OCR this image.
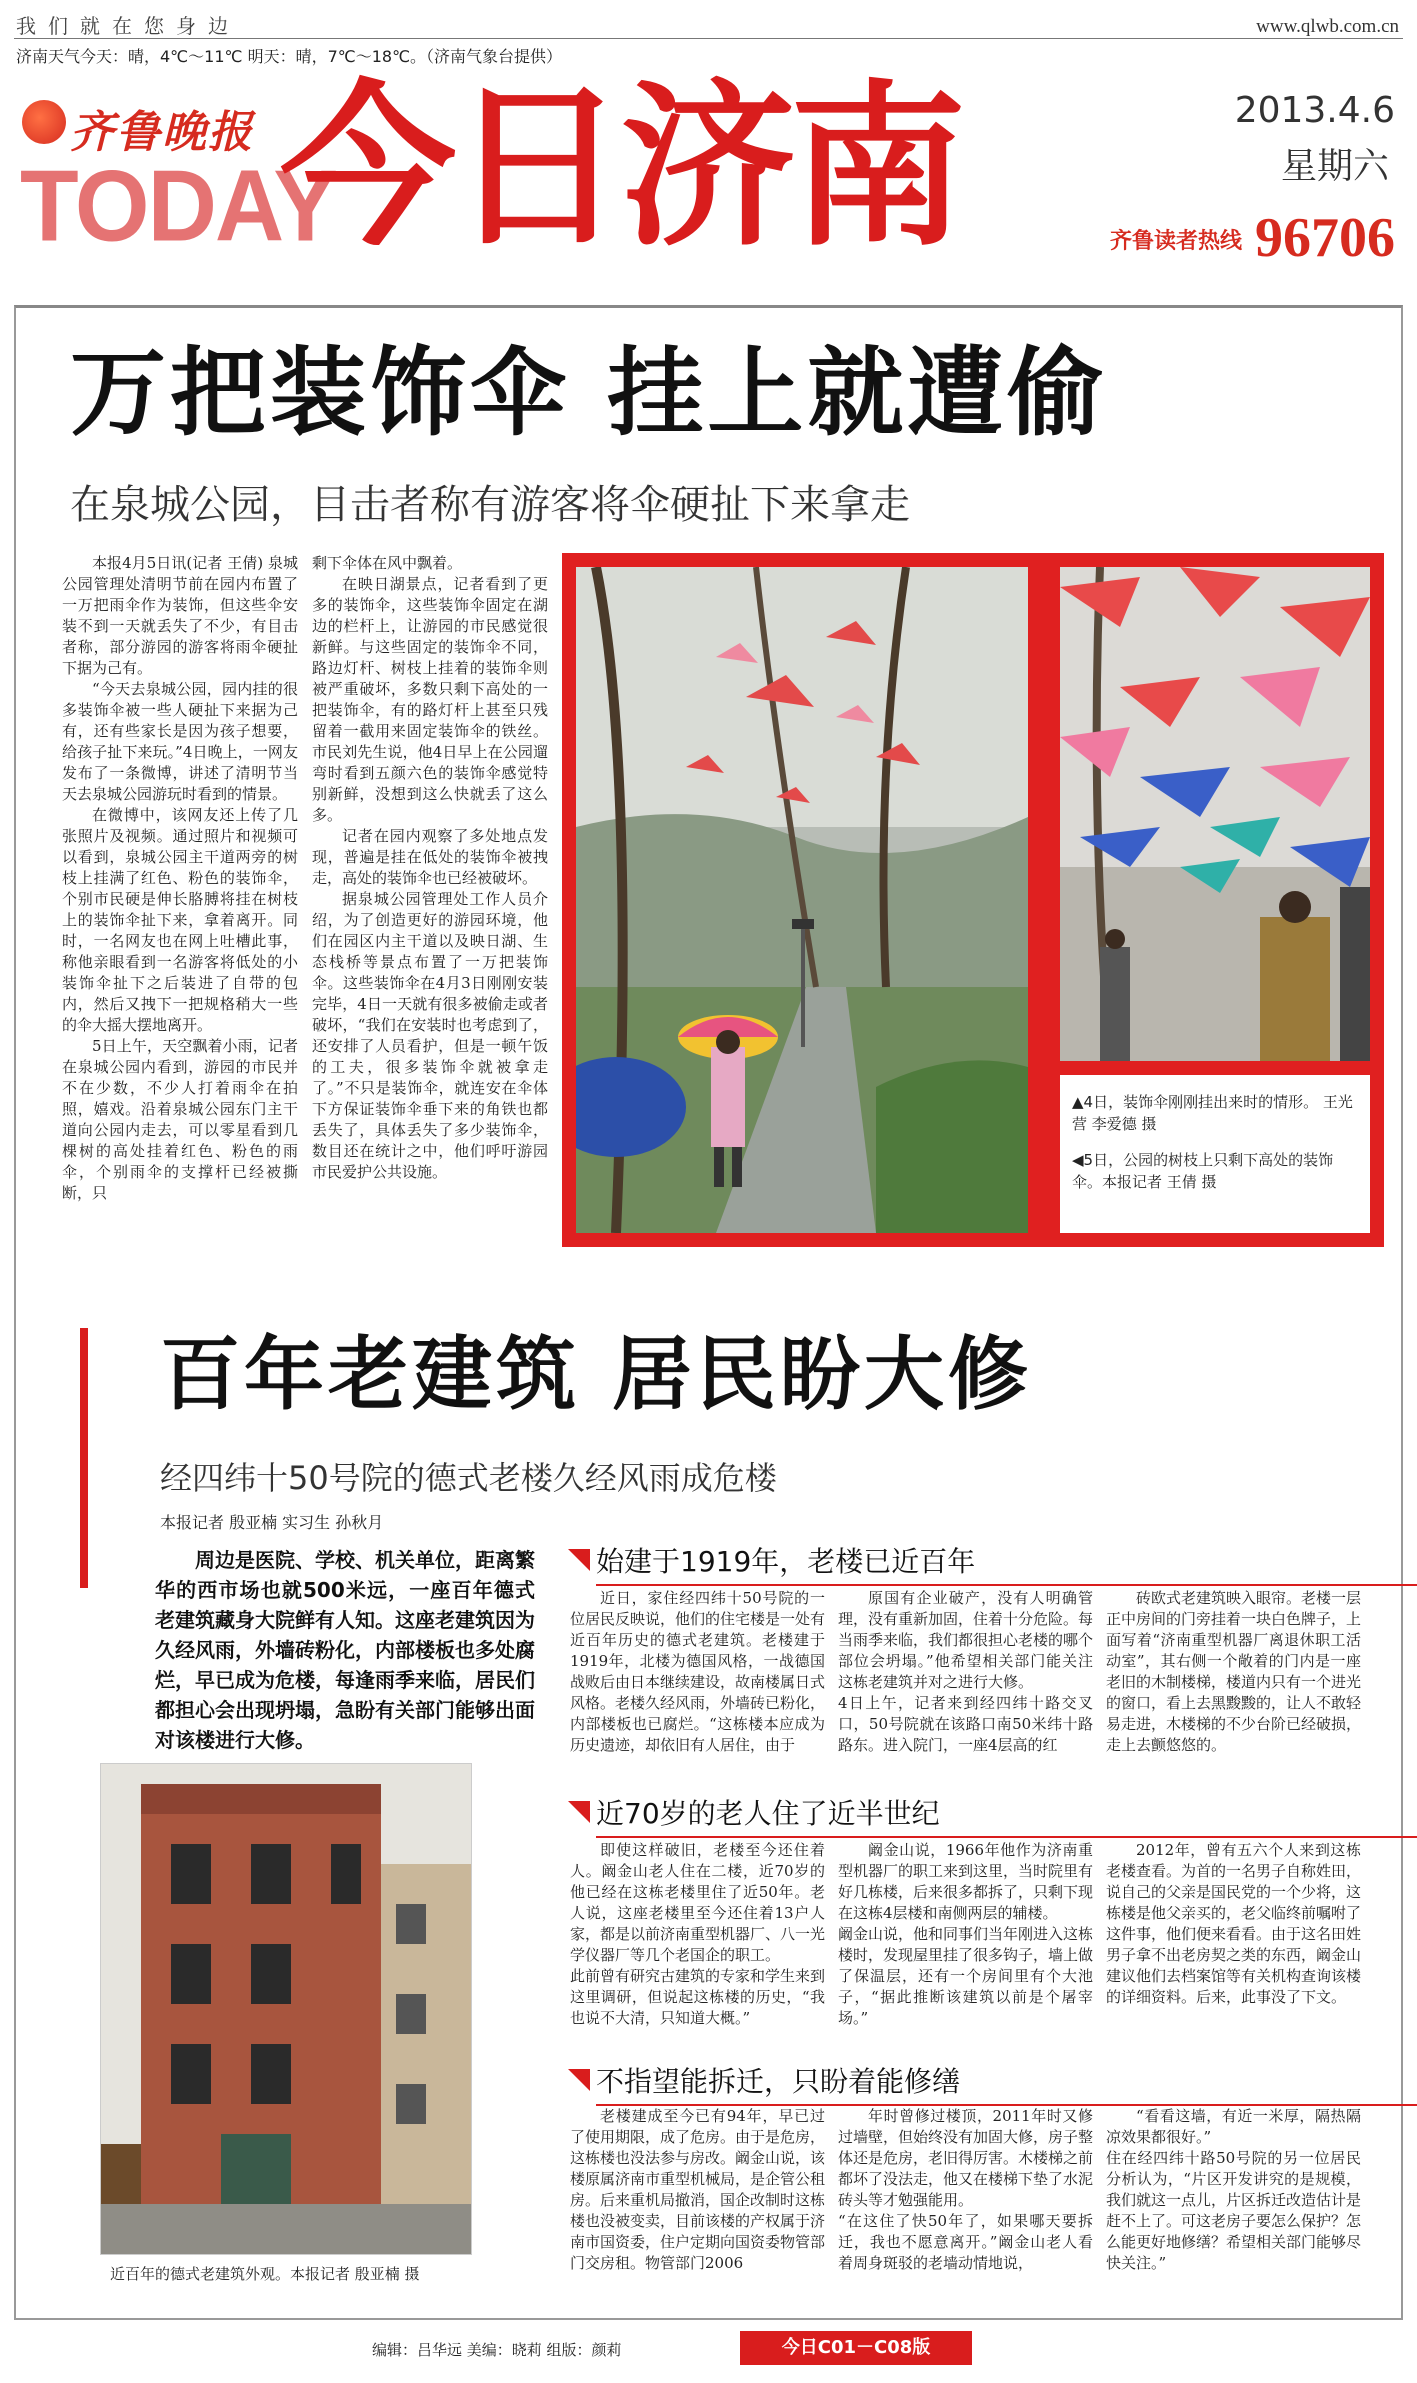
我们就在您身边	www.qlwb.com.cn
济南天气今天：晴，4℃～11℃ 明天：晴，7℃～18℃。（济南气象台提供）
齐鲁晚报
TODAY
今日济南	2013.4.6
星期六
齐鲁读者热线 96706
万把装饰伞 挂上就遭偷
在泉城公园，目击者称有游客将伞硬扯下来拿走

本报4月5日讯(记者 王倩) 泉城公园管理处清明节前在园内布置了一万把雨伞作为装饰，但这些伞安装不到一天就丢失了不少，有目击者称，部分游园的游客将雨伞硬扯下据为己有。

“今天去泉城公园，园内挂的很多装饰伞被一些人硬扯下来据为己有，还有些家长是因为孩子想要，给孩子扯下来玩。”4日晚上，一网友发布了一条微博，讲述了清明节当天去泉城公园游玩时看到的情景。

在微博中，该网友还上传了几张照片及视频。通过照片和视频可以看到，泉城公园主干道两旁的树枝上挂满了红色、粉色的装饰伞，个别市民硬是伸长胳膊将挂在树枝上的装饰伞扯下来，拿着离开。同时，一名网友也在网上吐槽此事，称他亲眼看到一名游客将低处的小装饰伞扯下之后装进了自带的包内，然后又拽下一把规格稍大一些的伞大摇大摆地离开。

5日上午，天空飘着小雨，记者在泉城公园内看到，游园的市民并不在少数，不少人打着雨伞在拍照，嬉戏。沿着泉城公园东门主干道向公园内走去，可以零星看到几棵树的高处挂着红色、粉色的雨伞，个别雨伞的支撑杆已经被撕断，只

剩下伞体在风中飘着。

在映日湖景点，记者看到了更多的装饰伞，这些装饰伞固定在湖边的栏杆上，让游园的市民感觉很新鲜。与这些固定的装饰伞不同，路边灯杆、树枝上挂着的装饰伞则被严重破坏，多数只剩下高处的一把装饰伞，有的路灯杆上甚至只残留着一截用来固定装饰伞的铁丝。市民刘先生说，他4日早上在公园遛弯时看到五颜六色的装饰伞感觉特别新鲜，没想到这么快就丢了这么多。

记者在园内观察了多处地点发现，普遍是挂在低处的装饰伞被拽走，高处的装饰伞也已经被破坏。

据泉城公园管理处工作人员介绍，为了创造更好的游园环境，他们在园区内主干道以及映日湖、生态栈桥等景点布置了一万把装饰伞。这些装饰伞在4月3日刚刚安装完毕，4日一天就有很多被偷走或者破坏，“我们在安装时也考虑到了，还安排了人员看护，但是一顿午饭的工夫，很多装饰伞就被拿走了。”不只是装饰伞，就连安在伞体下方保证装饰伞垂下来的角铁也都丢失了，具体丢失了多少装饰伞，数目还在统计之中，他们呼吁游园市民爱护公共设施。

▲4日，装饰伞刚刚挂出来时的情形。 王光营 李爱德 摄

◀5日，公园的树枝上只剩下高处的装饰伞。本报记者 王倩 摄

百年老建筑 居民盼大修
经四纬十50号院的德式老楼久经风雨成危楼
本报记者 殷亚楠 实习生 孙秋月

周边是医院、学校、机关单位，距离繁华的西市场也就500米远，一座百年德式老建筑藏身大院鲜有人知。这座老建筑因为久经风雨，外墙砖粉化，内部楼板也多处腐烂，早已成为危楼，每逢雨季来临，居民们都担心会出现坍塌，急盼有关部门能够出面对该楼进行大修。

近百年的德式老建筑外观。本报记者 殷亚楠 摄
始建于1919年，老楼已近百年

近日，家住经四纬十50号院的一位居民反映说，他们的住宅楼是一处有近百年历史的德式老建筑。老楼建于1919年，北楼为德国风格，一战德国战败后由日本继续建设，故南楼属日式风格。老楼久经风雨，外墙砖已粉化，内部楼板也已腐烂。“这栋楼本应成为历史遗迹，却依旧有人居住，由于

原国有企业破产，没有人明确管理，没有重新加固，住着十分危险。每当雨季来临，我们都很担心老楼的哪个部位会坍塌。”他希望相关部门能关注这栋老建筑并对之进行大修。
4日上午，记者来到经四纬十路交叉口，50号院就在该路口南50米纬十路路东。进入院门，一座4层高的红

砖欧式老建筑映入眼帘。老楼一层正中房间的门旁挂着一块白色牌子，上面写着“济南重型机器厂离退休职工活动室”，其右侧一个敞着的门内是一座老旧的木制楼梯，楼道内只有一个进光的窗口，看上去黑黢黢的，让人不敢轻易走进，木楼梯的不少台阶已经破损，走上去颤悠悠的。

近70岁的老人住了近半世纪

即使这样破旧，老楼至今还住着人。阚金山老人住在二楼，近70岁的他已经在这栋老楼里住了近50年。老人说，这座老楼里至今还住着13户人家，都是以前济南重型机器厂、八一光学仪器厂等几个老国企的职工。
此前曾有研究古建筑的专家和学生来到这里调研，但说起这栋楼的历史，“我也说不大清，只知道大概。”

阚金山说，1966年他作为济南重型机器厂的职工来到这里，当时院里有好几栋楼，后来很多都拆了，只剩下现在这栋4层楼和南侧两层的辅楼。
阚金山说，他和同事们当年刚进入这栋楼时，发现屋里挂了很多钩子，墙上做了保温层，还有一个房间里有个大池子，“据此推断该建筑以前是个屠宰场。”

2012年，曾有五六个人来到这栋老楼查看。为首的一名男子自称姓田，说自己的父亲是国民党的一个少将，这栋楼是他父亲买的，老父临终前嘱咐了这件事，他们便来看看。由于这名田姓男子拿不出老房契之类的东西，阚金山建议他们去档案馆等有关机构查询该楼的详细资料。后来，此事没了下文。

不指望能拆迁，只盼着能修缮

老楼建成至今已有94年，早已过了使用期限，成了危房。由于是危房，这栋楼也没法参与房改。阚金山说，该楼原属济南市重型机械局，是企管公租房。后来重机局撤消，国企改制时这栋楼也没被变卖，目前该楼的产权属于济南市国资委，住户定期向国资委物管部门交房租。物管部门2006

年时曾修过楼顶，2011年时又修过墙壁，但始终没有加固大修，房子整体还是危房，老旧得厉害。木楼梯之前都坏了没法走，他又在楼梯下垫了水泥砖头等才勉强能用。
“在这住了快50年了，如果哪天要拆迁，我也不愿意离开。”阚金山老人看着周身斑驳的老墙动情地说，

“看看这墙，有近一米厚，隔热隔凉效果都很好。”
住在经四纬十路50号院的另一位居民分析认为，“片区开发讲究的是规模，我们就这一点儿，片区拆迁改造估计是赶不上了。可这老房子要怎么保护？怎么能更好地修缮？希望相关部门能够尽快关注。”

编辑：吕华远 美编：晓莉 组版：颜莉	今日C01－C08版
